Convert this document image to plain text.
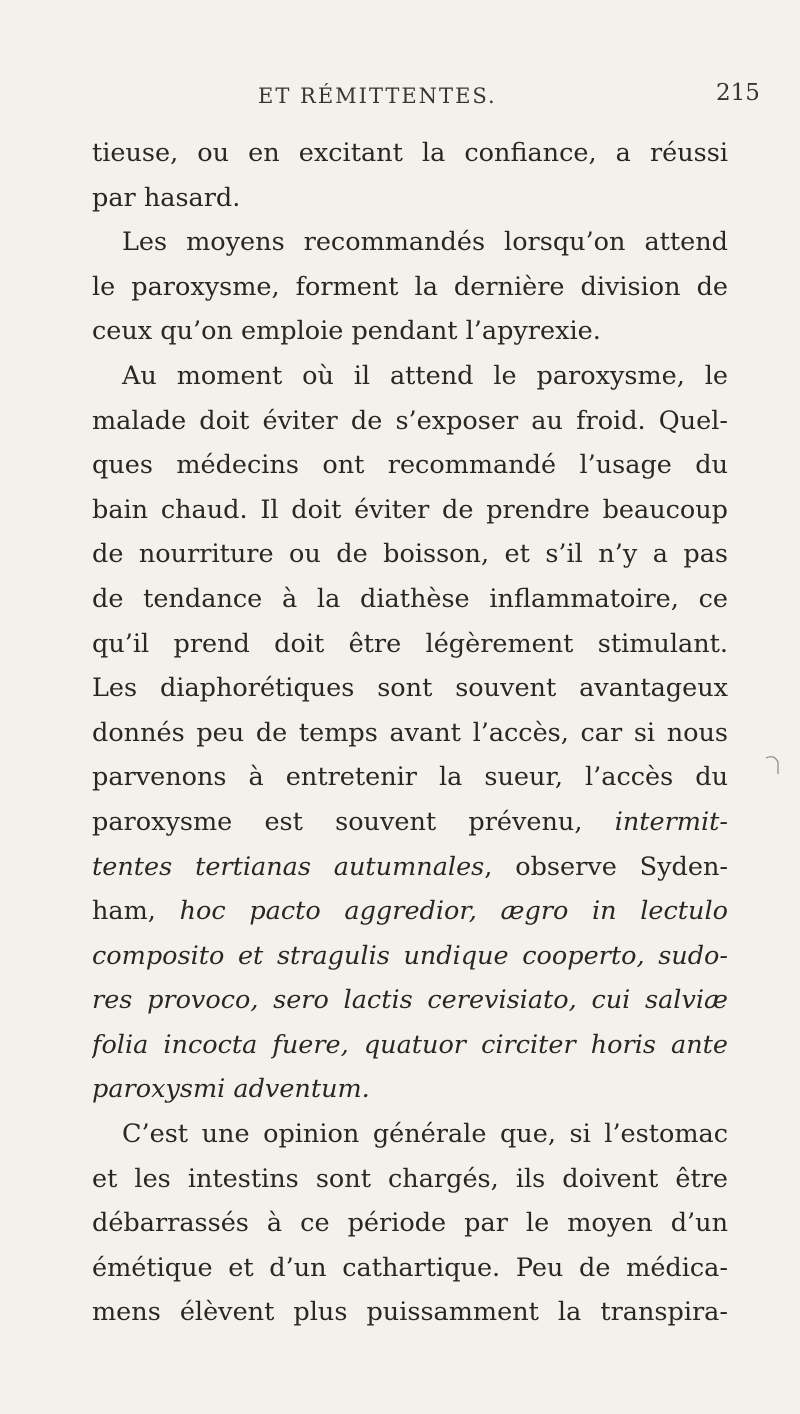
ET RÉMITTENTES.	215
tieuse, ou en excitant la confiance, a réussi
par hasard.
Les moyens recommandés lorsqu’on attend
le paroxysme, forment la dernière division de
ceux qu’on emploie pendant l’apyrexie.
Au moment où il attend le paroxysme, le
malade doit éviter de s’exposer au froid. Quel-
ques médecins ont recommandé l’usage du
bain chaud. Il doit éviter de prendre beaucoup
de nourriture ou de boisson, et s’il n’y a pas
de tendance à la diathèse inflammatoire, ce
qu’il prend doit être légèrement stimulant.
Les diaphorétiques sont souvent avantageux
donnés peu de temps avant l’accès, car si nous
parvenons à entretenir la sueur, l’accès du
paroxysme est souvent prévenu, intermit-
tentes tertianas autumnales, observe Syden-
ham, hoc pacto aggredior, ægro in lectulo
composito et stragulis undique cooperto, sudo-
res provoco, sero lactis cerevisiato, cui salviæ
folia incocta fuere, quatuor circiter horis ante
paroxysmi adventum.
C’est une opinion générale que, si l’estomac
et les intestins sont chargés, ils doivent être
débarrassés à ce période par le moyen d’un
émétique et d’un cathartique. Peu de médica-
mens élèvent plus puissamment la transpira-
